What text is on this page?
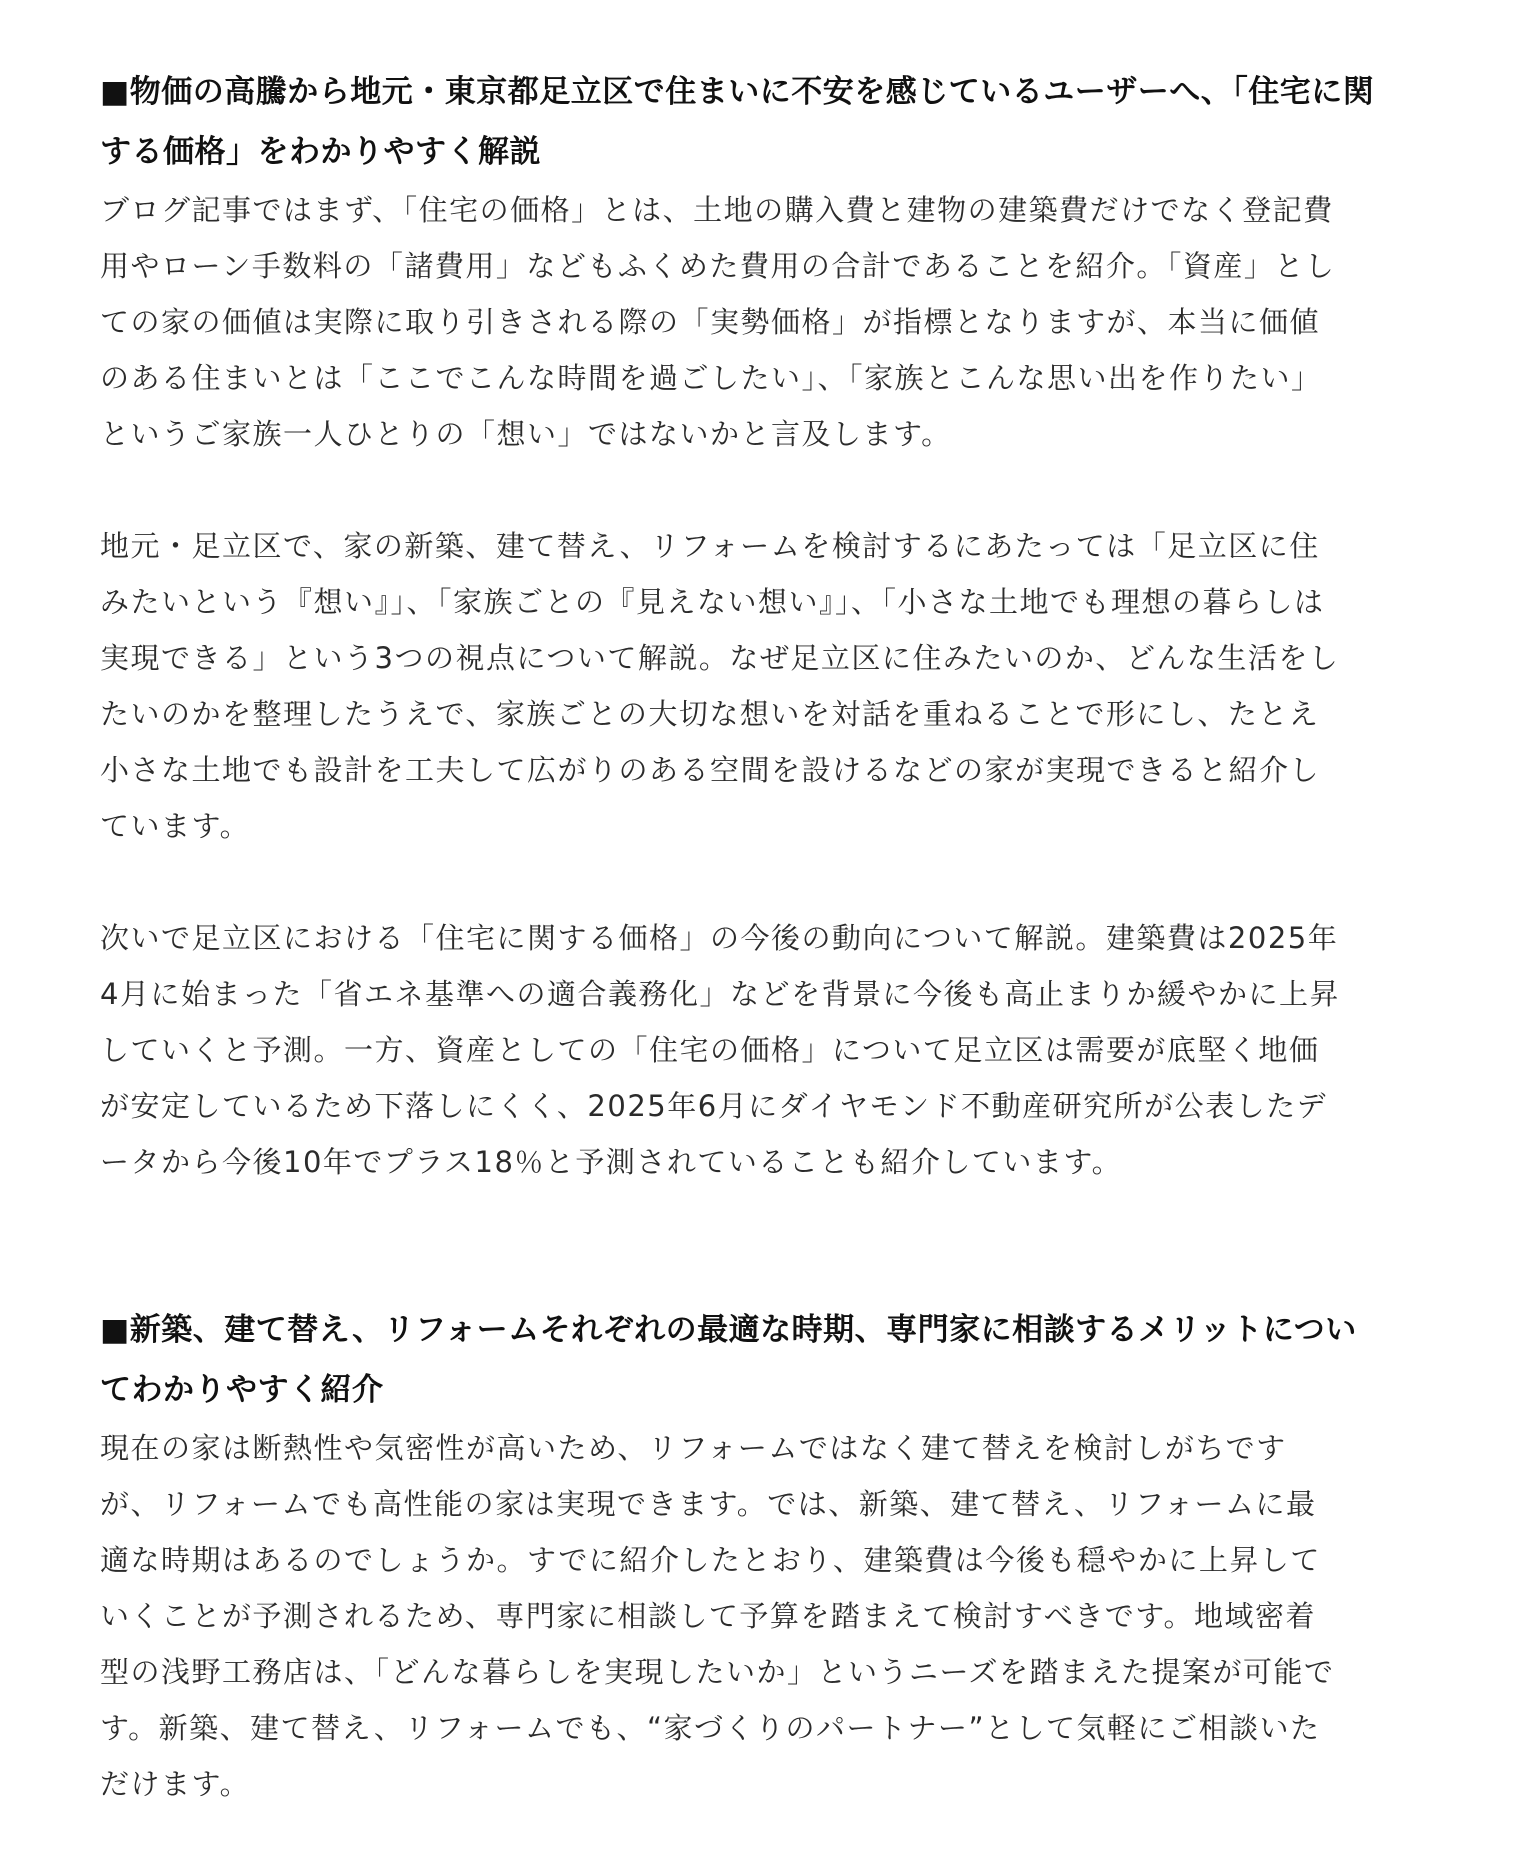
■物価の高騰から地元・東京都足立区で住まいに不安を感じているユーザーへ、「住宅に関
する価格」をわかりやすく解説

ブログ記事ではまず、「住宅の価格」とは、土地の購入費と建物の建築費だけでなく登記費
用やローン手数料の「諸費用」などもふくめた費用の合計であることを紹介。「資産」とし
ての家の価値は実際に取り引きされる際の「実勢価格」が指標となりますが、本当に価値
のある住まいとは「ここでこんな時間を過ごしたい」、「家族とこんな思い出を作りたい」
というご家族一人ひとりの「想い」ではないかと言及します。

地元・足立区で、家の新築、建て替え、リフォームを検討するにあたっては「足立区に住
みたいという『想い』」、「家族ごとの『見えない想い』」、「小さな土地でも理想の暮らしは
実現できる」という3つの視点について解説。なぜ足立区に住みたいのか、どんな生活をし
たいのかを整理したうえで、家族ごとの大切な想いを対話を重ねることで形にし、たとえ
小さな土地でも設計を工夫して広がりのある空間を設けるなどの家が実現できると紹介し
ています。

次いで足立区における「住宅に関する価格」の今後の動向について解説。建築費は2025年
4月に始まった「省エネ基準への適合義務化」などを背景に今後も高止まりか緩やかに上昇
していくと予測。一方、資産としての「住宅の価格」について足立区は需要が底堅く地価
が安定しているため下落しにくく、2025年6月にダイヤモンド不動産研究所が公表したデ
ータから今後10年でプラス18％と予測されていることも紹介しています。

■新築、建て替え、リフォームそれぞれの最適な時期、専門家に相談するメリットについ
てわかりやすく紹介

現在の家は断熱性や気密性が高いため、リフォームではなく建て替えを検討しがちです
が、リフォームでも高性能の家は実現できます。では、新築、建て替え、リフォームに最
適な時期はあるのでしょうか。すでに紹介したとおり、建築費は今後も穏やかに上昇して
いくことが予測されるため、専門家に相談して予算を踏まえて検討すべきです。地域密着
型の浅野工務店は、「どんな暮らしを実現したいか」というニーズを踏まえた提案が可能で
す。新築、建て替え、リフォームでも、“家づくりのパートナー”として気軽にご相談いた
だけます。
